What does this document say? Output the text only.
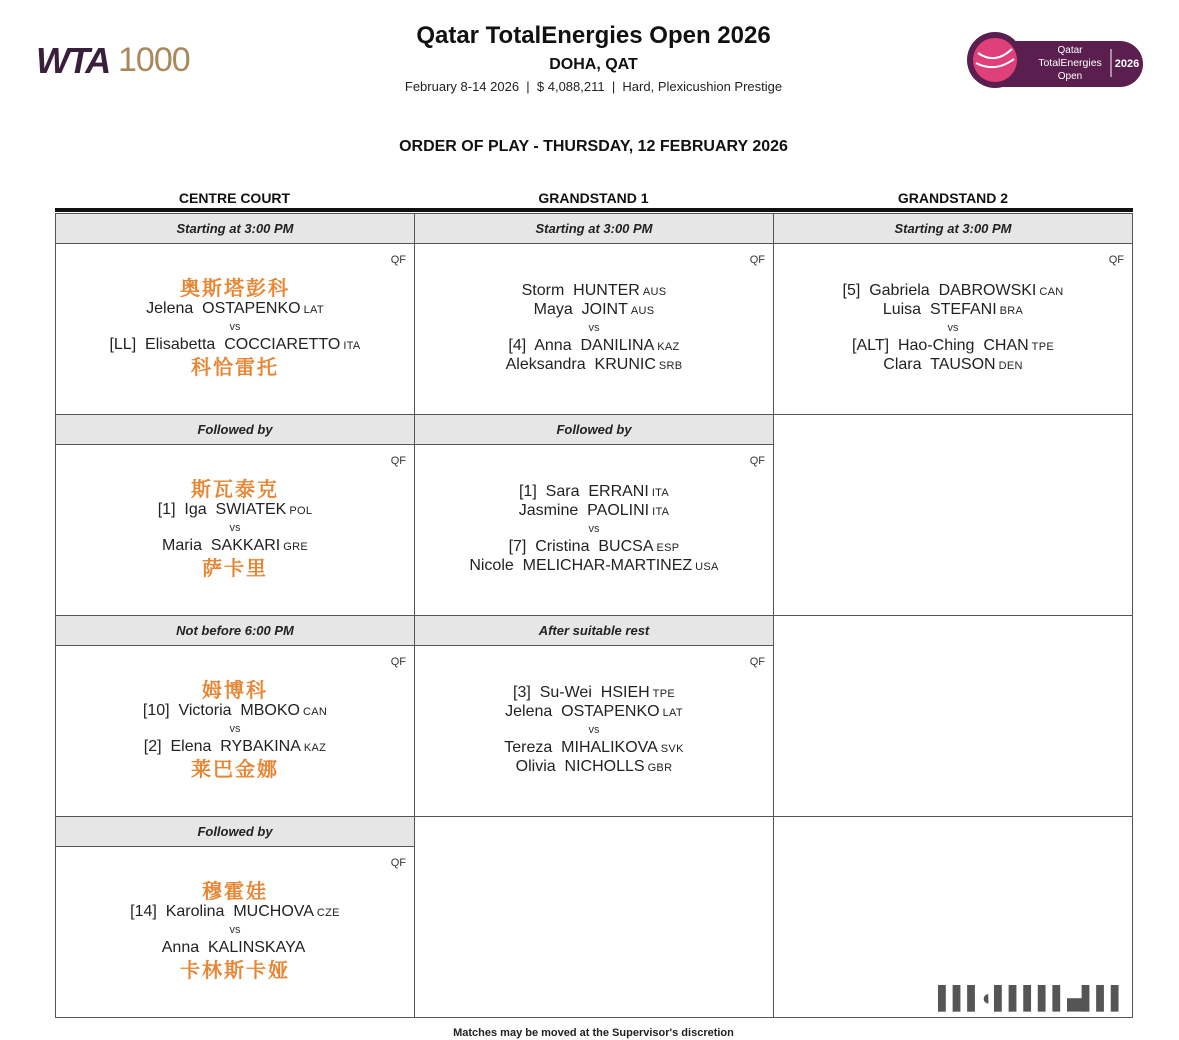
WTA 1000
Qatar TotalEnergies Open 2026
DOHA, QAT
February 8-14 2026  |  $ 4,088,211  |  Hard, Plexicushion Prestige
Qatar
TotalEnergies
Open
2026
ORDER OF PLAY - THURSDAY, 12 FEBRUARY 2026
CENTRE COURT	GRANDSTAND 1	GRANDSTAND 2
Starting at 3:00 PM
QF
奥斯塔彭科
Jelena  OSTAPENKO LAT
vs
[LL]  Elisabetta  COCCIARETTO ITA
科恰雷托
Followed by
QF
斯瓦泰克
[1]  Iga  SWIATEK POL
vs
Maria  SAKKARI GRE
萨卡里
Not before 6:00 PM
QF
姆博科
[10]  Victoria  MBOKO CAN
vs
[2]  Elena  RYBAKINA KAZ
莱巴金娜
Followed by
QF
穆霍娃
[14]  Karolina  MUCHOVA CZE
vs
Anna  KALINSKAYA
卡林斯卡娅
Starting at 3:00 PM
QF
Storm  HUNTER AUS
Maya  JOINT AUS
vs
[4]  Anna  DANILINA KAZ
Aleksandra  KRUNIC SRB
Followed by
QF
[1]  Sara  ERRANI ITA
Jasmine  PAOLINI ITA
vs
[7]  Cristina  BUCSA ESP
Nicole  MELICHAR-MARTINEZ USA
After suitable rest
QF
[3]  Su-Wei  HSIEH TPE
Jelena  OSTAPENKO LAT
vs
Tereza  MIHALIKOVA SVK
Olivia  NICHOLLS GBR
Starting at 3:00 PM
QF
[5]  Gabriela  DABROWSKI CAN
Luisa  STEFANI BRA
vs
[ALT]  Hao-Ching  CHAN TPE
Clara  TAUSON DEN
Matches may be moved at the Supervisor's discretion
▌▌▌◐▌▌▌▌▌▄▌▌▌
